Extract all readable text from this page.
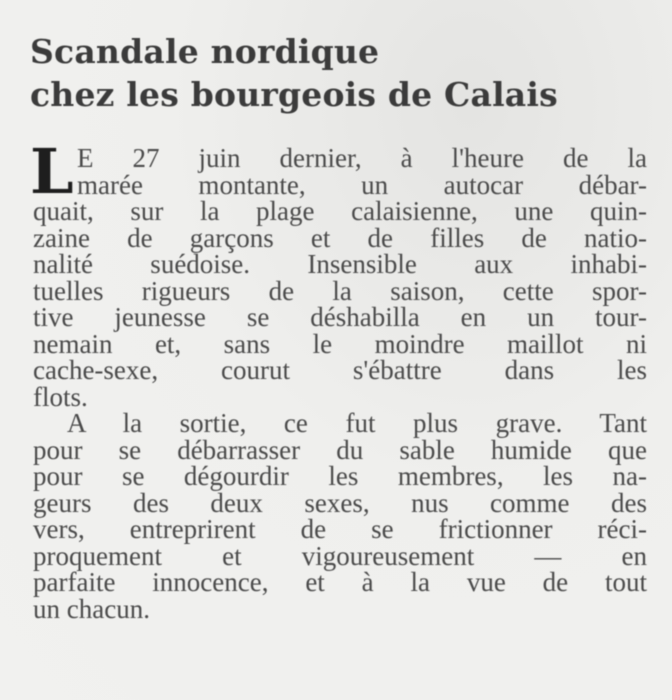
Scandale nordique
chez les bourgeois de Calais
L E 27 juin dernier, à l'heure de la
marée montante, un autocar débar-
quait, sur la plage calaisienne, une quin-
zaine de garçons et de filles de natio-
nalité suédoise. Insensible aux inhabi-
tuelles rigueurs de la saison, cette spor-
tive jeunesse se déshabilla en un tour-
nemain et, sans le moindre maillot ni
cache-sexe, courut s'ébattre dans les
flots.
A la sortie, ce fut plus grave. Tant
pour se débarrasser du sable humide que
pour se dégourdir les membres, les na-
geurs des deux sexes, nus comme des
vers, entreprirent de se frictionner réci-
proquement et vigoureusement — en
parfaite innocence, et à la vue de tout
un chacun.
